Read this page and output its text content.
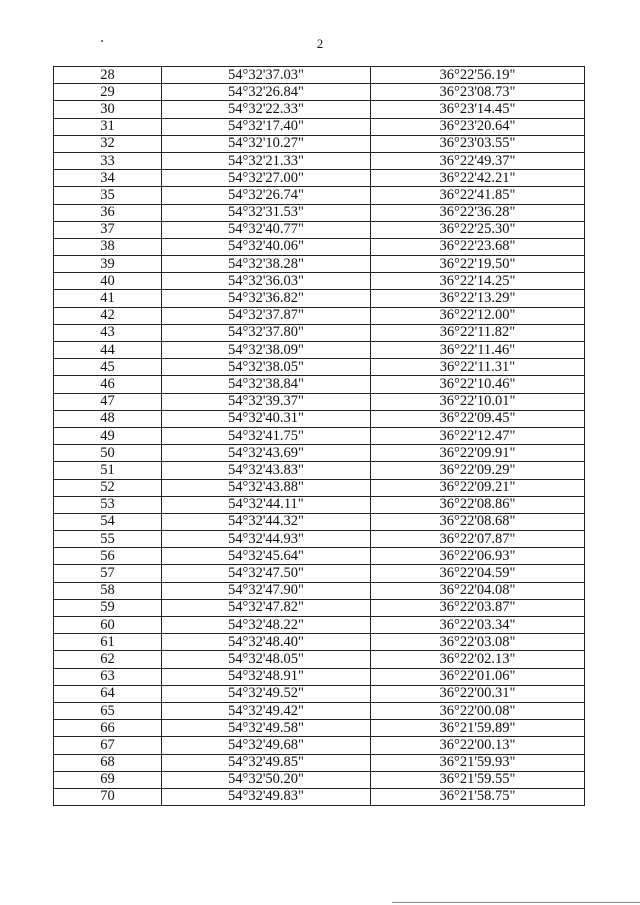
2
28	54°32'37.03"	36°22'56.19"
29	54°32'26.84"	36°23'08.73"
30	54°32'22.33"	36°23'14.45"
31	54°32'17.40"	36°23'20.64"
32	54°32'10.27"	36°23'03.55"
33	54°32'21.33"	36°22'49.37"
34	54°32'27.00"	36°22'42.21"
35	54°32'26.74"	36°22'41.85"
36	54°32'31.53"	36°22'36.28"
37	54°32'40.77"	36°22'25.30"
38	54°32'40.06"	36°22'23.68"
39	54°32'38.28"	36°22'19.50"
40	54°32'36.03"	36°22'14.25"
41	54°32'36.82"	36°22'13.29"
42	54°32'37.87"	36°22'12.00"
43	54°32'37.80"	36°22'11.82"
44	54°32'38.09"	36°22'11.46"
45	54°32'38.05"	36°22'11.31"
46	54°32'38.84"	36°22'10.46"
47	54°32'39.37"	36°22'10.01"
48	54°32'40.31"	36°22'09.45"
49	54°32'41.75"	36°22'12.47"
50	54°32'43.69"	36°22'09.91"
51	54°32'43.83"	36°22'09.29"
52	54°32'43.88"	36°22'09.21"
53	54°32'44.11"	36°22'08.86"
54	54°32'44.32"	36°22'08.68"
55	54°32'44.93"	36°22'07.87"
56	54°32'45.64"	36°22'06.93"
57	54°32'47.50"	36°22'04.59"
58	54°32'47.90"	36°22'04.08"
59	54°32'47.82"	36°22'03.87"
60	54°32'48.22"	36°22'03.34"
61	54°32'48.40"	36°22'03.08"
62	54°32'48.05"	36°22'02.13"
63	54°32'48.91"	36°22'01.06"
64	54°32'49.52"	36°22'00.31"
65	54°32'49.42"	36°22'00.08"
66	54°32'49.58"	36°21'59.89"
67	54°32'49.68"	36°22'00.13"
68	54°32'49.85"	36°21'59.93"
69	54°32'50.20"	36°21'59.55"
70	54°32'49.83"	36°21'58.75"
